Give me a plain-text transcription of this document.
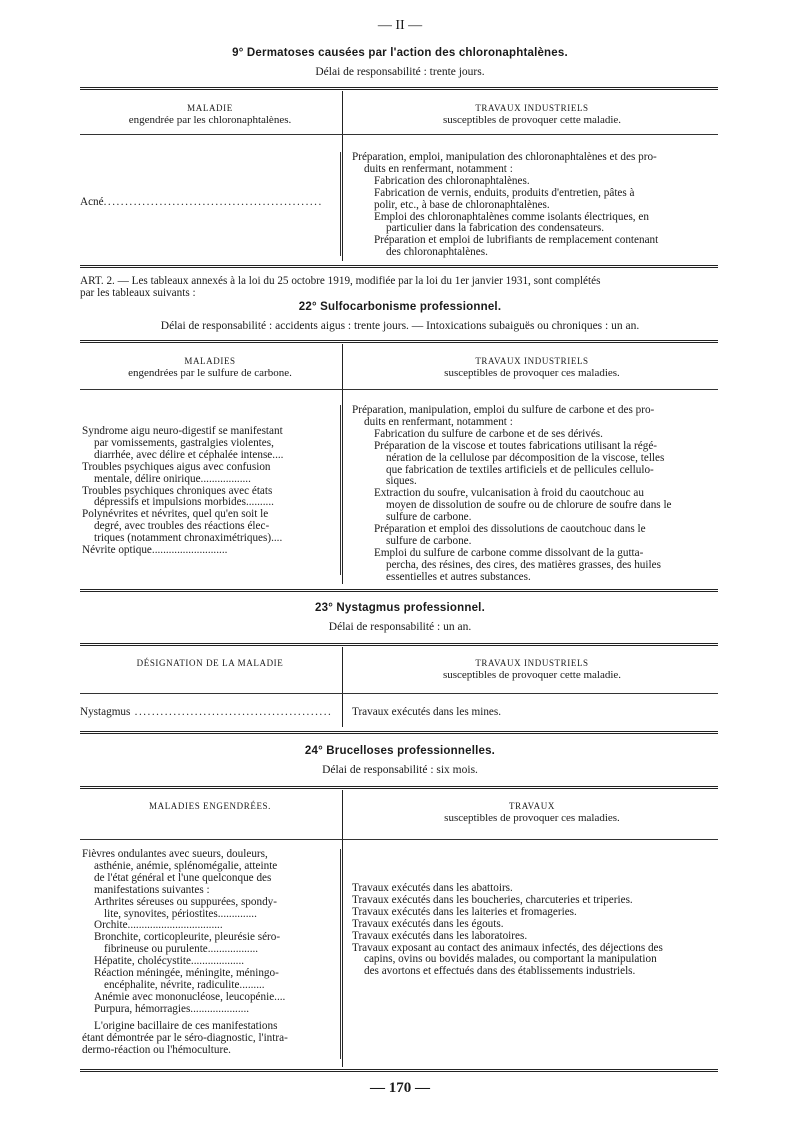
— II —
9° Dermatoses causées par l'action des chloronaphtalènes.
Délai de responsabilité : trente jours.
MALADIE
engendrée par les chloronaphtalènes.
TRAVAUX INDUSTRIELS
susceptibles de provoquer cette maladie.
Acné...................................................
Préparation, emploi, manipulation des chloronaphtalènes et des pro-
duits en renfermant, notamment :
Fabrication des chloronaphtalènes.
Fabrication de vernis, enduits, produits d'entretien, pâtes à
polir, etc., à base de chloronaphtalènes.
Emploi des chloronaphtalènes comme isolants électriques, en
particulier dans la fabrication des condensateurs.
Préparation et emploi de lubrifiants de remplacement contenant
des chloronaphtalènes.
ART. 2. — Les tableaux annexés à la loi du 25 octobre 1919, modifiée par la loi du 1er janvier 1931, sont complétés
par les tableaux suivants :
22° Sulfocarbonisme professionnel.
Délai de responsabilité : accidents aigus : trente jours. — Intoxications subaiguës ou chroniques : un an.
MALADIES
engendrées par le sulfure de carbone.
TRAVAUX INDUSTRIELS
susceptibles de provoquer ces maladies.
Syndrome aigu neuro-digestif se manifestant
par vomissements, gastralgies violentes,
diarrhée, avec délire et céphalée intense....
Troubles psychiques aigus avec confusion
mentale, délire onirique..................
Troubles psychiques chroniques avec états
dépressifs et impulsions morbides..........
Polynévrites et névrites, quel qu'en soit le
degré, avec troubles des réactions élec-
triques (notamment chronaximétriques)....
Névrite optique...........................
Préparation, manipulation, emploi du sulfure de carbone et des pro-
duits en renfermant, notamment :
Fabrication du sulfure de carbone et de ses dérivés.
Préparation de la viscose et toutes fabrications utilisant la régé-
nération de la cellulose par décomposition de la viscose, telles
que fabrication de textiles artificiels et de pellicules cellulo-
siques.
Extraction du soufre, vulcanisation à froid du caoutchouc au
moyen de dissolution de soufre ou de chlorure de soufre dans le
sulfure de carbone.
Préparation et emploi des dissolutions de caoutchouc dans le
sulfure de carbone.
Emploi du sulfure de carbone comme dissolvant de la gutta-
percha, des résines, des cires, des matières grasses, des huiles
essentielles et autres substances.
23° Nystagmus professionnel.
Délai de responsabilité : un an.
DÉSIGNATION DE LA MALADIE	TRAVAUX INDUSTRIELS
susceptibles de provoquer cette maladie.
Nystagmus ..............................................	Travaux exécutés dans les mines.
24° Brucelloses professionnelles.
Délai de responsabilité : six mois.
MALADIES ENGENDRÉES.	TRAVAUX
susceptibles de provoquer ces maladies.
Fièvres ondulantes avec sueurs, douleurs,
asthénie, anémie, splénomégalie, atteinte
de l'état général et l'une quelconque des
manifestations suivantes :
Arthrites séreuses ou suppurées, spondy-
lite, synovites, périostites..............
Orchite..................................
Bronchite, corticopleurite, pleurésie séro-
fibrineuse ou purulente..................
Hépatite, cholécystite...................
Réaction méningée, méningite, méningo-
encéphalite, névrite, radiculite.........
Anémie avec mononucléose, leucopénie....
Purpura, hémorragies.....................
L'origine bacillaire de ces manifestations
étant démontrée par le séro-diagnostic, l'intra-
dermo-réaction ou l'hémoculture.
Travaux exécutés dans les abattoirs.
Travaux exécutés dans les boucheries, charcuteries et triperies.
Travaux exécutés dans les laiteries et fromageries.
Travaux exécutés dans les égouts.
Travaux exécutés dans les laboratoires.
Travaux exposant au contact des animaux infectés, des déjections des
capins, ovins ou bovidés malades, ou comportant la manipulation
des avortons et effectués dans des établissements industriels.
— 170 —
